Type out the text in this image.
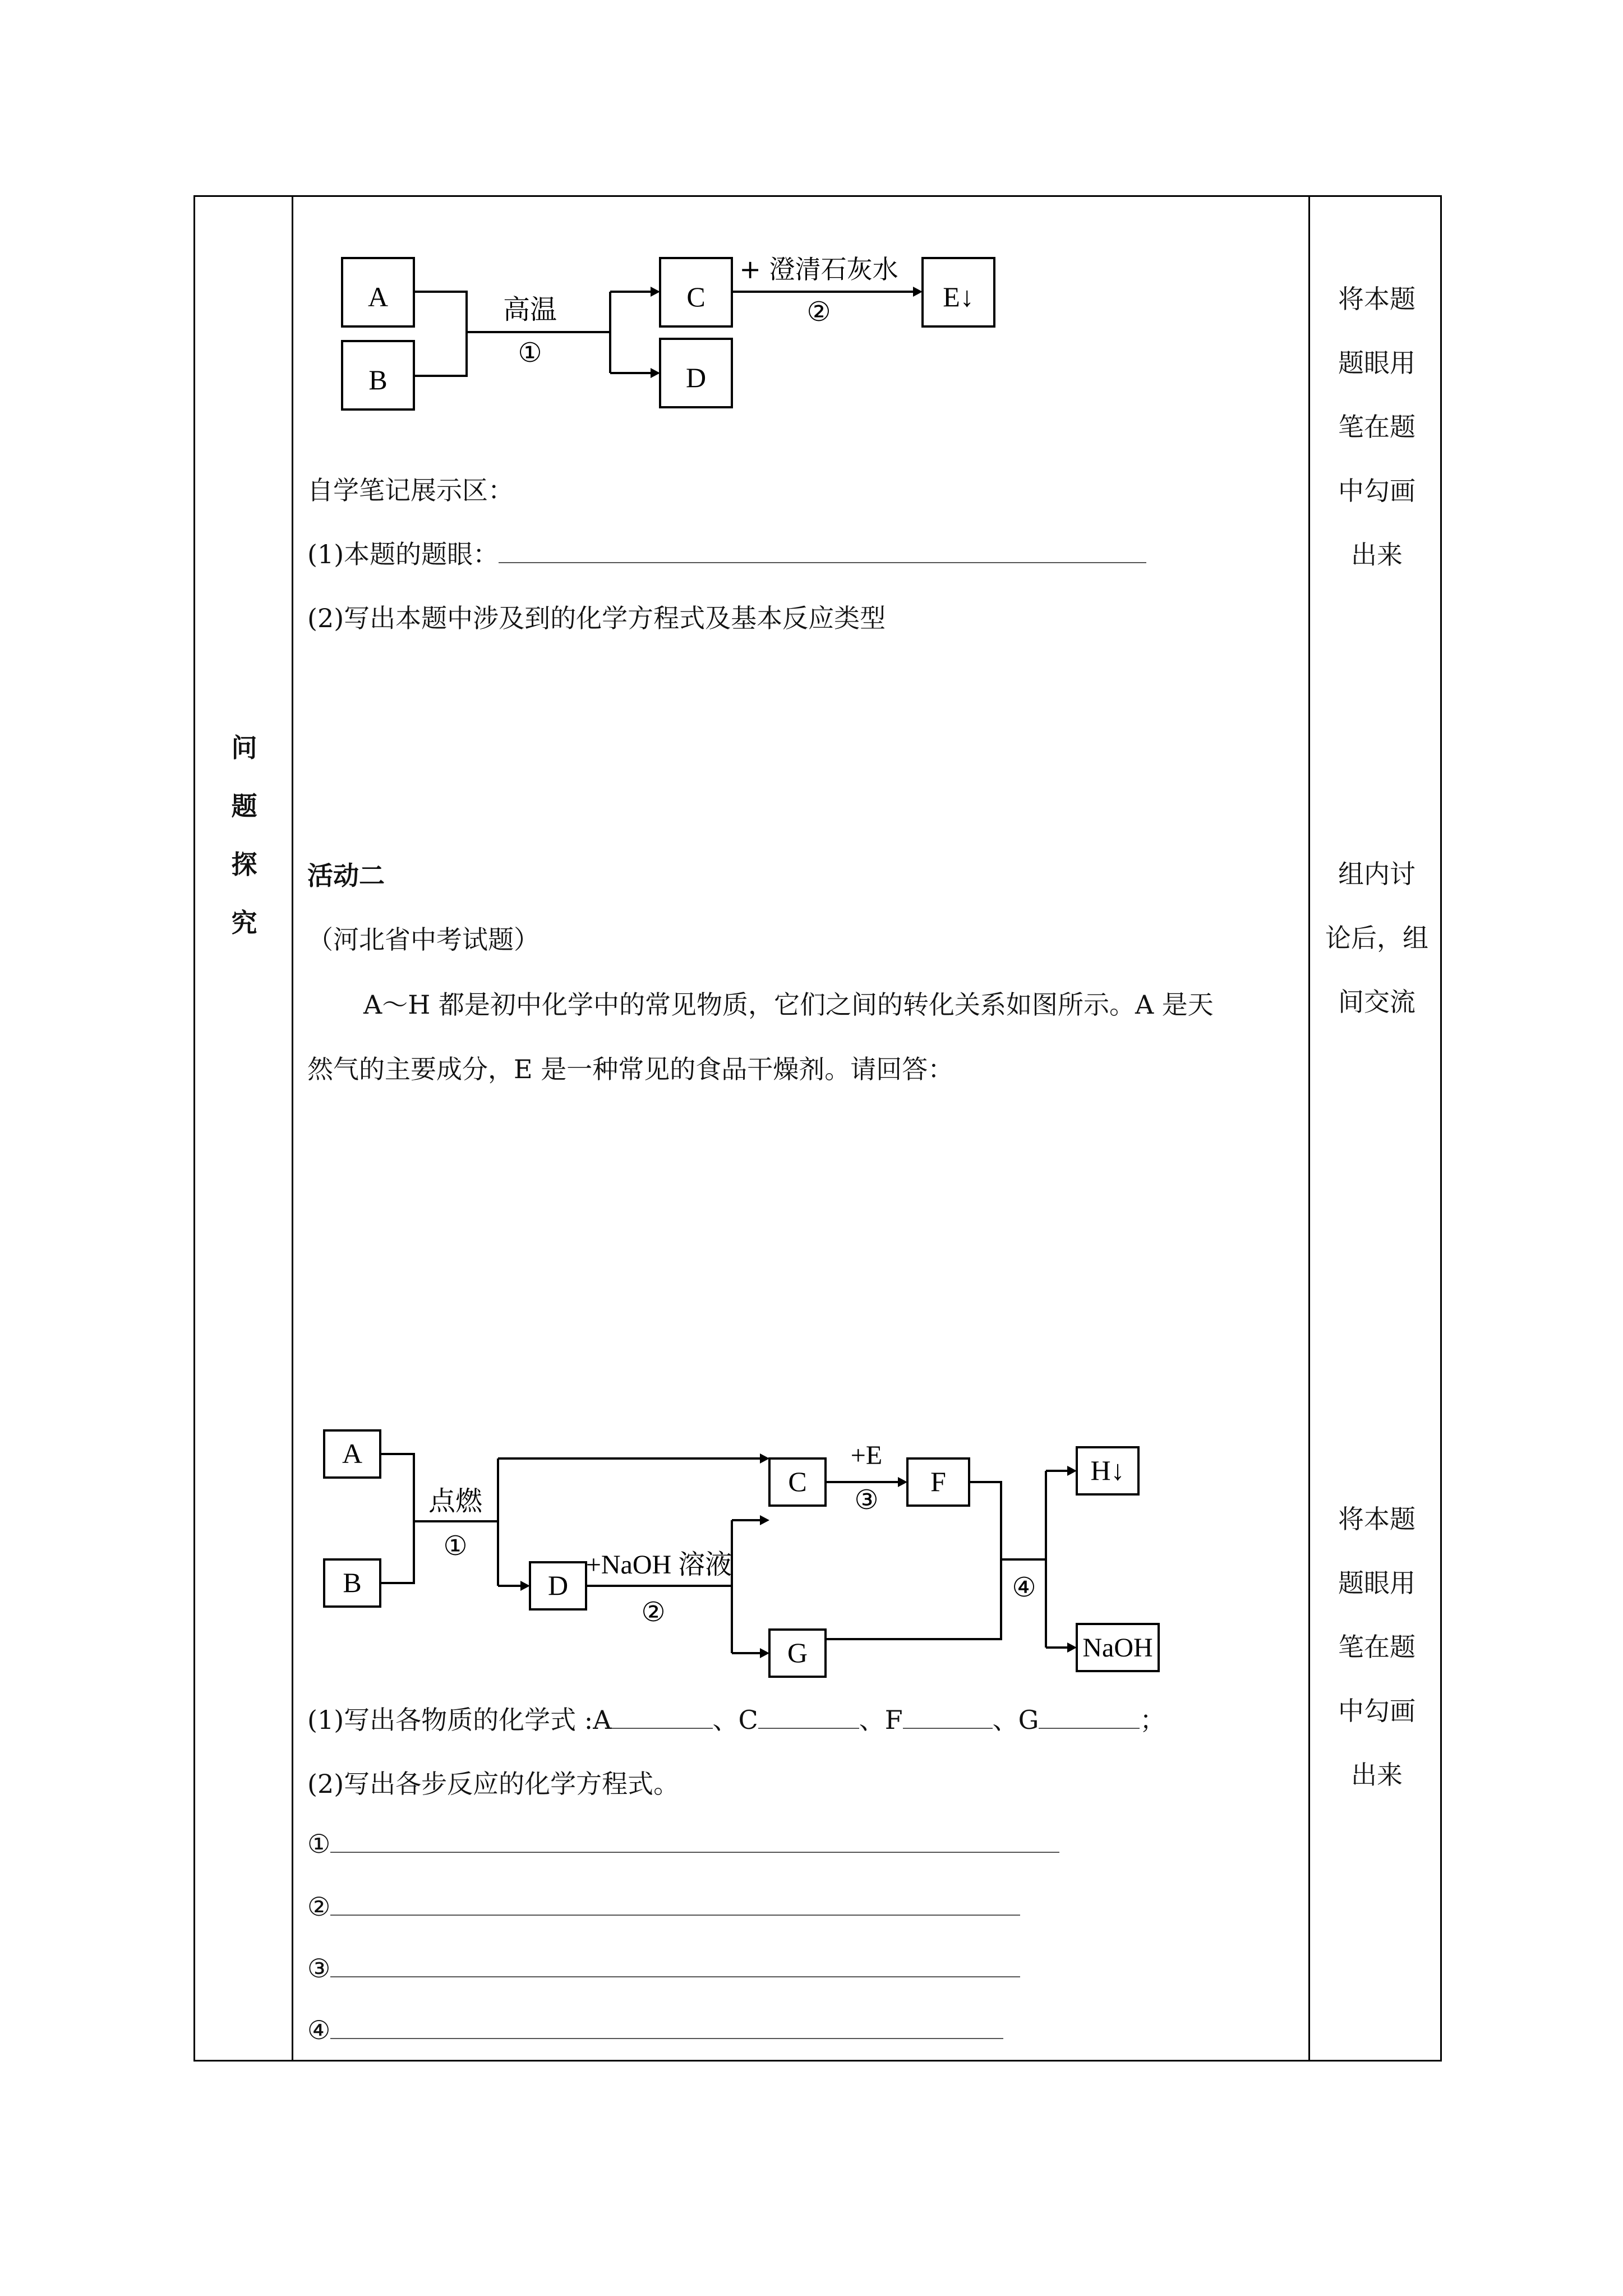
问
题
探
究
将本题
题眼用
笔在题
中勾画
出来
组内讨
论后，组
间交流
将本题
题眼用
笔在题
中勾画
出来
A
B
C
D
E↓
高温
①
+ 澄清石灰水
②
自学笔记展示区：
(1)本题的题眼：
(2)写出本题中涉及到的化学方程式及基本反应类型
活动二
（河北省中考试题）
A～H 都是初中化学中的常见物质，它们之间的转化关系如图所示。A 是天
然气的主要成分，E 是一种常见的食品干燥剂。请回答：
A
B
C
D
F
G
H↓
NaOH
点燃
①
+NaOH 溶液
②
+E
③
④
(1)写出各物质的化学式 :A	、C	、F	、G	；
(2)写出各步反应的化学方程式。
①
②
③
④
